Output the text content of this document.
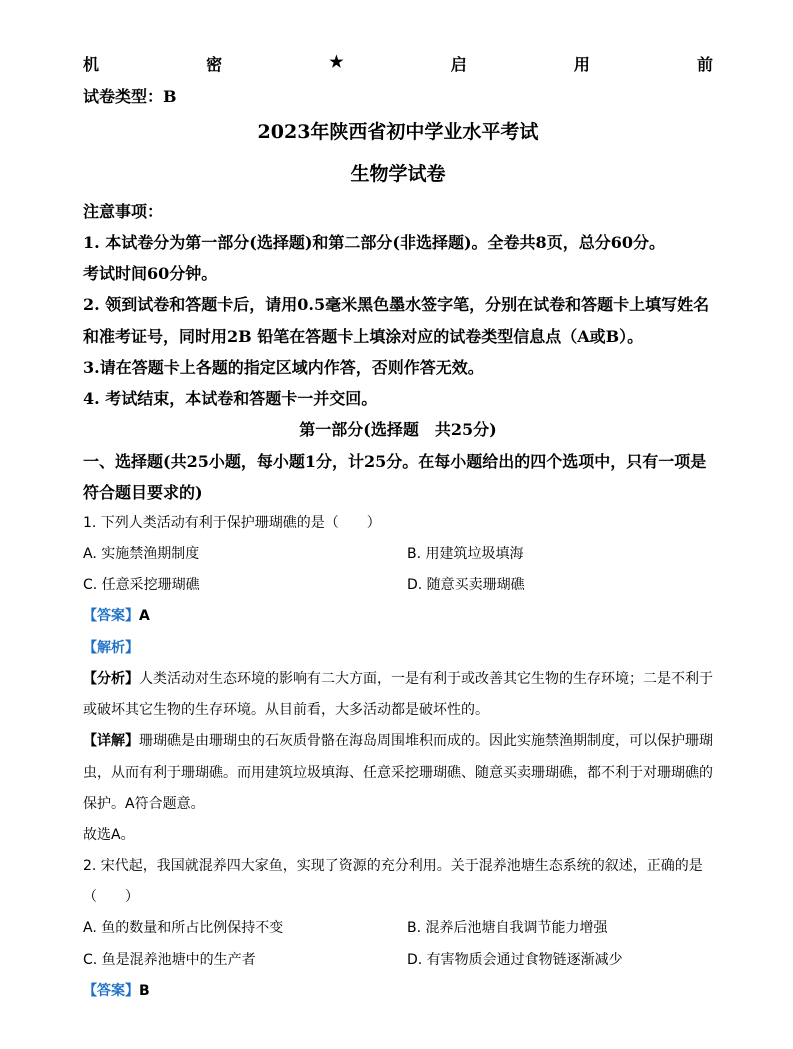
机	密	★	启	用	前
试卷类型：B
2023年陕西省初中学业水平考试
生物学试卷
注意事项：
1. 本试卷分为第一部分(选择题)和第二部分(非选择题)。全卷共8页，总分60分。
考试时间60分钟。
2. 领到试卷和答题卡后，请用0.5毫米黑色墨水签字笔，分别在试卷和答题卡上填写姓名
和准考证号，同时用2B 铅笔在答题卡上填涂对应的试卷类型信息点（A或B）。
3.请在答题卡上各题的指定区域内作答，否则作答无效。
4. 考试结束，本试卷和答题卡一并交回。
第一部分(选择题　共25分)
一、选择题(共25小题，每小题1分，计25分。在每小题给出的四个选项中，只有一项是
符合题目要求的)
1. 下列人类活动有利于保护珊瑚礁的是（　　）
A. 实施禁渔期制度	B. 用建筑垃圾填海
C. 任意采挖珊瑚礁	D. 随意买卖珊瑚礁
【答案】A
【解析】
【分析】人类活动对生态环境的影响有二大方面，一是有利于或改善其它生物的生存环境；二是不利于
或破坏其它生物的生存环境。从目前看，大多活动都是破坏性的。
【详解】珊瑚礁是由珊瑚虫的石灰质骨骼在海岛周围堆积而成的。因此实施禁渔期制度，可以保护珊瑚
虫，从而有利于珊瑚礁。而用建筑垃圾填海、任意采挖珊瑚礁、随意买卖珊瑚礁，都不利于对珊瑚礁的
保护。A符合题意。
故选A。
2. 宋代起，我国就混养四大家鱼，实现了资源的充分利用。关于混养池塘生态系统的叙述，正确的是
（　　）
A. 鱼的数量和所占比例保持不变	B. 混养后池塘自我调节能力增强
C. 鱼是混养池塘中的生产者	D. 有害物质会通过食物链逐渐减少
【答案】B
